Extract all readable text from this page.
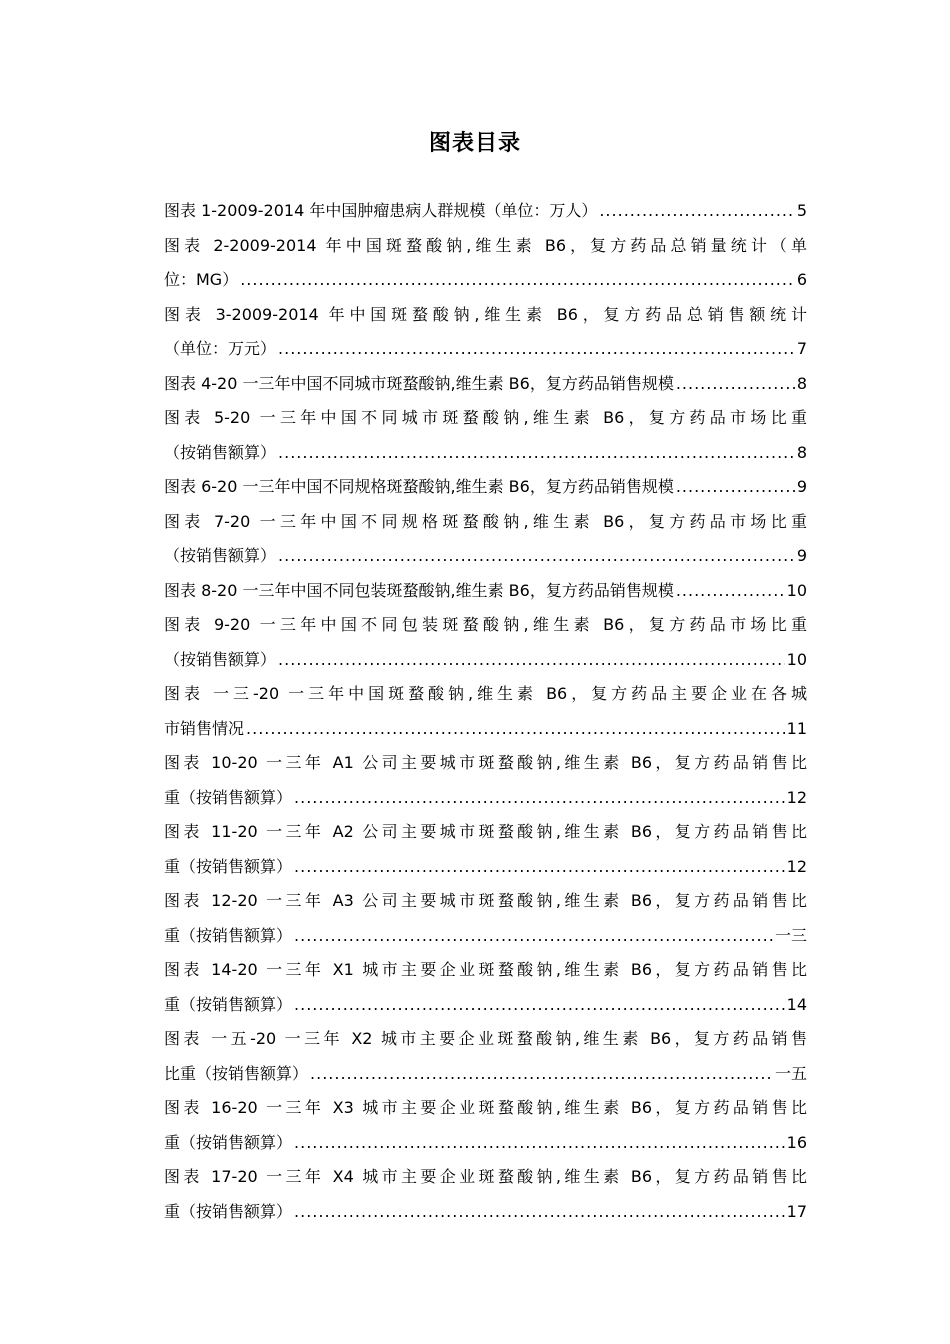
图表目录
图表 1-2009-2014 年中国肿瘤患病人群规模（单位：万人） .....	5
图表 2-2009-2014 年中国斑蝥酸钠,维生素 B6，复方药品总销量统计（单
位：MG） .....	6
图表 3-2009-2014 年中国斑蝥酸钠,维生素 B6，复方药品总销售额统计
（单位：万元） .....	7
图表 4-20 一三年中国不同城市斑蝥酸钠,维生素 B6，复方药品销售规模 .....	8
图表 5-20 一三年中国不同城市斑蝥酸钠,维生素 B6，复方药品市场比重
（按销售额算） .....	8
图表 6-20 一三年中国不同规格斑蝥酸钠,维生素 B6，复方药品销售规模 .....	9
图表 7-20 一三年中国不同规格斑蝥酸钠,维生素 B6，复方药品市场比重
（按销售额算） .....	9
图表 8-20 一三年中国不同包装斑蝥酸钠,维生素 B6，复方药品销售规模 .....	10
图表 9-20 一三年中国不同包装斑蝥酸钠,维生素 B6，复方药品市场比重
（按销售额算） .....	10
图表 一三-20 一三年中国斑蝥酸钠,维生素 B6，复方药品主要企业在各城
市销售情况 .....	11
图表 10-20 一三年 A1 公司主要城市斑蝥酸钠,维生素 B6，复方药品销售比
重（按销售额算） .....	12
图表 11-20 一三年 A2 公司主要城市斑蝥酸钠,维生素 B6，复方药品销售比
重（按销售额算） .....	12
图表 12-20 一三年 A3 公司主要城市斑蝥酸钠,维生素 B6，复方药品销售比
重（按销售额算） .....	一三
图表 14-20 一三年 X1 城市主要企业斑蝥酸钠,维生素 B6，复方药品销售比
重（按销售额算） .....	14
图表 一五-20 一三年 X2 城市主要企业斑蝥酸钠,维生素 B6，复方药品销售
比重（按销售额算） .....	一五
图表 16-20 一三年 X3 城市主要企业斑蝥酸钠,维生素 B6，复方药品销售比
重（按销售额算） .....	16
图表 17-20 一三年 X4 城市主要企业斑蝥酸钠,维生素 B6，复方药品销售比
重（按销售额算） .....	17
